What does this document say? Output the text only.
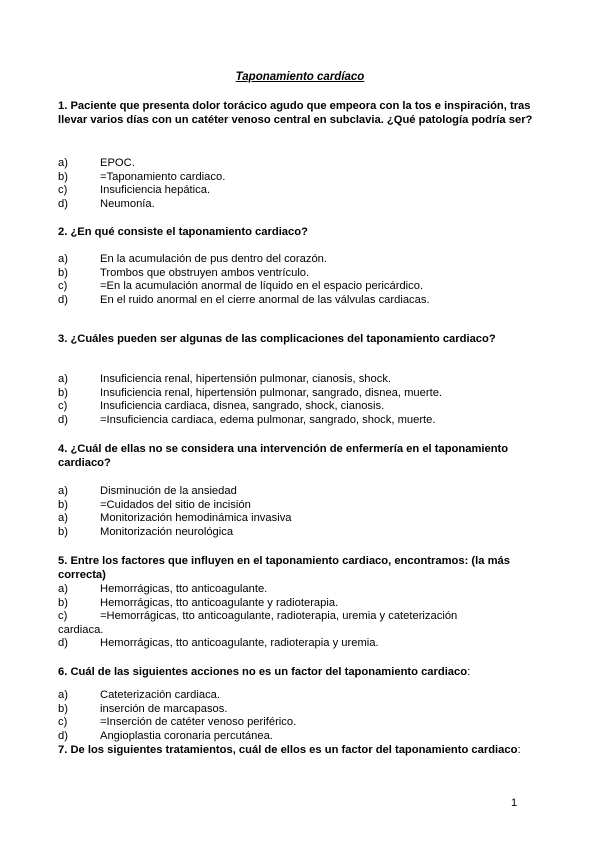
Taponamiento cardíaco
1. Paciente que presenta dolor torácico agudo que empeora con la tos e inspiración, tras llevar varios días con un catéter venoso central en subclavia. ¿Qué patología podría ser?
a)	EPOC.
b)	=Taponamiento cardiaco.
c)	Insuficiencia hepática.
d)	Neumonía.
2. ¿En qué consiste el taponamiento cardiaco?
a)	En la acumulación de pus dentro del corazón.
b)	Trombos que obstruyen ambos ventrículo.
c)	=En la acumulación anormal de líquido en el espacio pericárdico.
d)	En el ruido anormal en el cierre anormal de las válvulas cardiacas.
3. ¿Cuáles pueden ser algunas de las complicaciones del taponamiento cardiaco?
a)	Insuficiencia renal, hipertensión pulmonar, cianosis, shock.
b)	Insuficiencia renal, hipertensión pulmonar, sangrado, disnea, muerte.
c)	Insuficiencia cardiaca, disnea, sangrado, shock, cianosis.
d)	=Insuficiencia cardiaca, edema pulmonar, sangrado, shock, muerte.
4. ¿Cuál de ellas no se considera una intervención de enfermería en el taponamiento cardiaco?
a)	Disminución de la ansiedad
b)	=Cuidados del sitio de incisión
a)	Monitorización hemodinámica invasiva
b)	Monitorización neurológica
5. Entre los factores que influyen en el taponamiento cardiaco, encontramos: (la más correcta)
a)	Hemorrágicas, tto anticoagulante.
b)	Hemorrágicas, tto anticoagulante y radioterapia.
c)	=Hemorrágicas, tto anticoagulante, radioterapia, uremia y cateterización
cardiaca.
d)	Hemorrágicas, tto anticoagulante, radioterapia y uremia.
6. Cuál de las siguientes acciones no es un factor del taponamiento cardiaco:
a)	Cateterización cardiaca.
b)	inserción de marcapasos.
c)	=Inserción de catéter venoso periférico.
d)	Angioplastia coronaria percutánea.
7. De los siguientes tratamientos, cuál de ellos es un factor del taponamiento cardiaco:
1
